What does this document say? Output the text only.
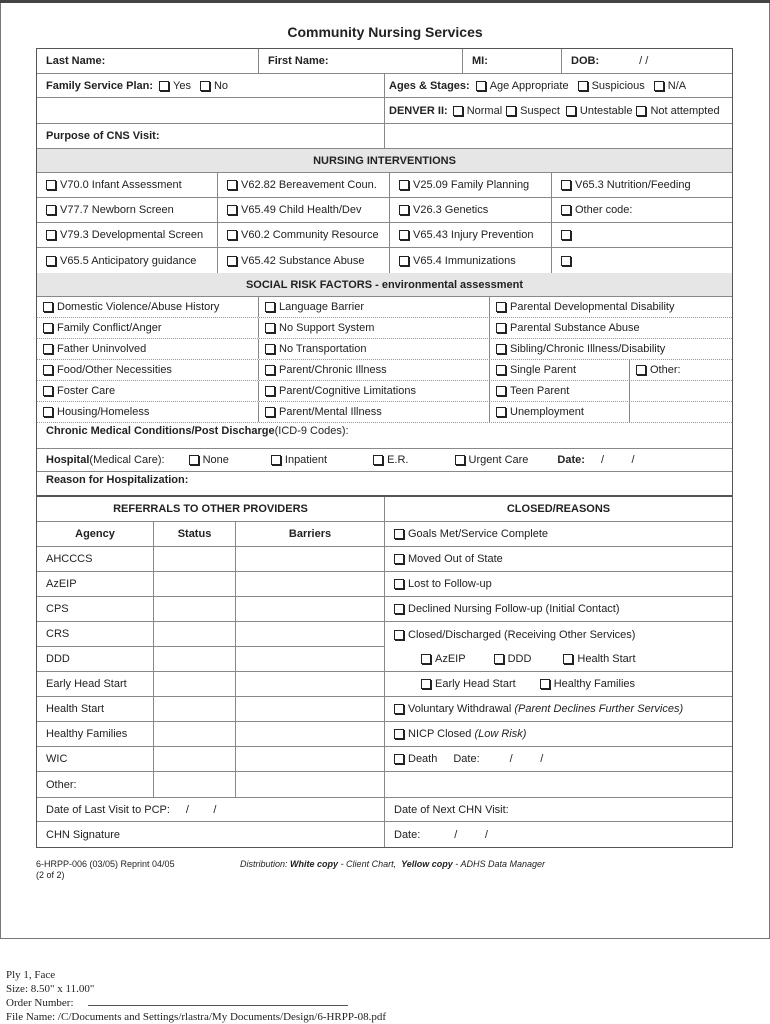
Community Nursing Services
Last Name:	First Name:	MI:	DOB:	/ /
Family Service Plan: Yes No	Ages & Stages: Age Appropriate Suspicious N/A
DENVER II: Normal Suspect Untestable Not attempted
Purpose of CNS Visit:
NURSING INTERVENTIONS
V70.0 Infant Assessment	V62.82 Bereavement Coun.	V25.09 Family Planning	V65.3 Nutrition/Feeding
V77.7 Newborn Screen	V65.49 Child Health/Dev	V26.3 Genetics	Other code:
V79.3 Developmental Screen	V60.2 Community Resource	V65.43 Injury Prevention
V65.5 Anticipatory guidance	V65.42 Substance Abuse	V65.4 Immunizations
SOCIAL RISK FACTORS - environmental assessment
Domestic Violence/Abuse History	Language Barrier	Parental Developmental Disability
Family Conflict/Anger	No Support System	Parental Substance Abuse
Father Uninvolved	No Transportation	Sibling/Chronic Illness/Disability
Food/Other Necessities	Parent/Chronic Illness	Single Parent	Other:
Foster Care	Parent/Cognitive Limitations	Teen Parent
Housing/Homeless	Parent/Mental Illness	Unemployment
Chronic Medical Conditions/Post Discharge (ICD-9 Codes):
Hospital (Medical Care):	None	Inpatient	E.R.	Urgent Care	Date: /         /
Reason for Hospitalization:
REFERRALS TO OTHER PROVIDERS
Agency	Status	Barriers
AHCCCS
AzEIP
CPS
CRS
DDD
Early Head Start
Health Start
Healthy Families
WIC
Other:
CLOSED/REASONS
Goals Met/Service Complete
Moved Out of State
Lost to Follow-up
Declined Nursing Follow-up (Initial Contact)
Closed/Discharged (Receiving Other Services)
AzEIP	DDD	Health Start
Early Head Start	Healthy Families
Voluntary Withdrawal
(Parent Declines Further Services)
NICP Closed
(Low Risk)
Death Date:	/         /
Date of Last Visit to PCP: /        /	Date of Next CHN Visit:
CHN Signature	Date:	/         /
6-HRPP-006 (03/05) Reprint 04/05
(2 of 2)
Distribution: White copy - Client Chart, Yellow copy - ADHS Data Manager
Ply 1, Face
Size: 8.50" x 11.00"
Order Number:
File Name: /C/Documents and Settings/rlastra/My Documents/Design/6-HRPP-08.pdf
